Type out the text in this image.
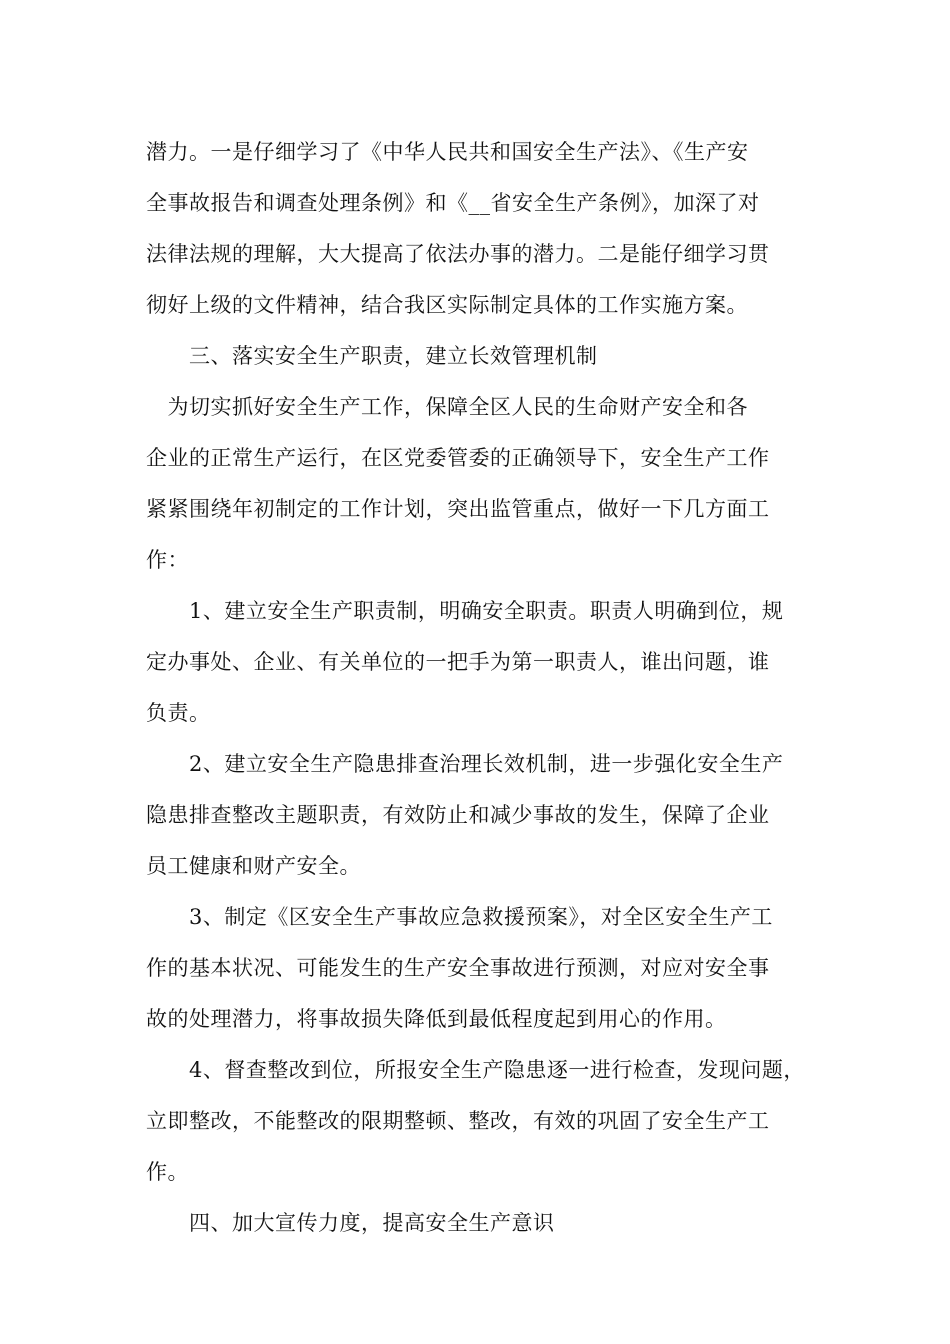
潜力。一是仔细学习了《中华人民共和国安全生产法》、《生产安
全事故报告和调查处理条例》和《__省安全生产条例》，加深了对
法律法规的理解，大大提高了依法办事的潜力。二是能仔细学习贯
彻好上级的文件精神，结合我区实际制定具体的工作实施方案。
　　三、落实安全生产职责，建立长效管理机制
　为切实抓好安全生产工作，保障全区人民的生命财产安全和各
企业的正常生产运行，在区党委管委的正确领导下，安全生产工作
紧紧围绕年初制定的工作计划，突出监管重点，做好一下几方面工
作：
　　1、建立安全生产职责制，明确安全职责。职责人明确到位，规
定办事处、企业、有关单位的一把手为第一职责人，谁出问题，谁
负责。
　　2、建立安全生产隐患排查治理长效机制，进一步强化安全生产
隐患排查整改主题职责，有效防止和减少事故的发生，保障了企业
员工健康和财产安全。
　　3、制定《区安全生产事故应急救援预案》，对全区安全生产工
作的基本状况、可能发生的生产安全事故进行预测，对应对安全事
故的处理潜力，将事故损失降低到最低程度起到用心的作用。
　　4、督查整改到位，所报安全生产隐患逐一进行检查，发现问题，
立即整改，不能整改的限期整顿、整改，有效的巩固了安全生产工
作。
　　四、加大宣传力度，提高安全生产意识
